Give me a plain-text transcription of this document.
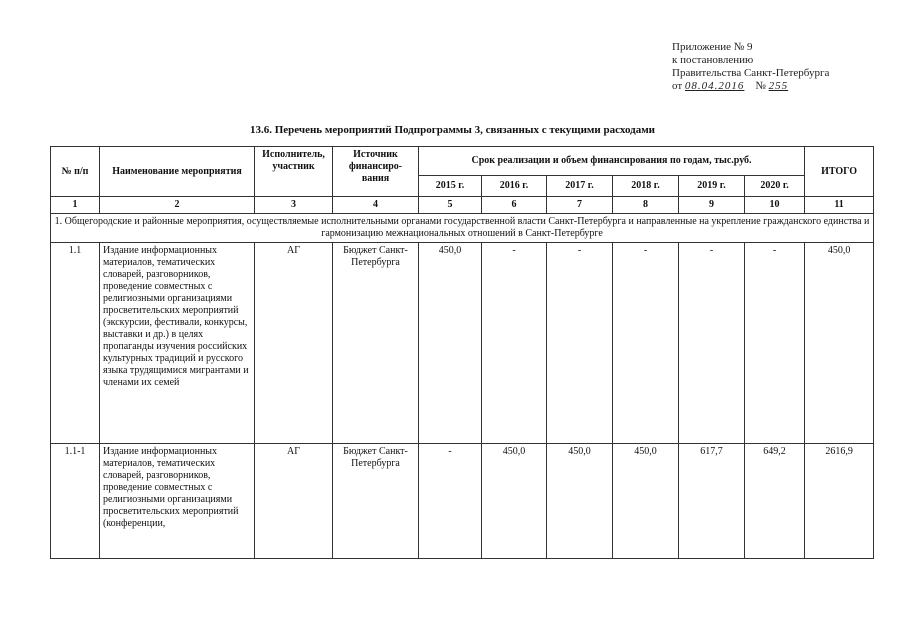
Приложение № 9
к постановлению
Правительства Санкт-Петербурга
от 08.04.2016 № 255
13.6. Перечень мероприятий Подпрограммы 3, связанных с текущими расходами
№ п/п	Наименование мероприятия	Исполнитель, участник	Источник финансиро-вания	Срок реализации и объем финансирования по годам, тыс.руб.						ИТОГО
				2015 г.	2016 г.	2017 г.	2018 г.	2019 г.	2020 г.	
1	2	3	4	5	6	7	8	9	10	11
1. Общегородские и районные мероприятия, осуществляемые исполнительными органами государственной власти Санкт-Петербурга и направленные на укрепление гражданского единства и гармонизацию межнациональных отношений в Санкт-Петербурге										
1.1	Издание информационных материалов, тематических словарей, разговорников, проведение совместных с религиозными организациями просветительских мероприятий (экскурсии, фестивали, конкурсы, выставки и др.) в целях пропаганды изучения российских культурных традиций и русского языка трудящимися мигрантами и членами их семей	АГ	Бюджет Санкт-Петербурга	450,0	-	-	-	-	-	450,0
1.1-1	Издание информационных материалов, тематических словарей, разговорников, проведение совместных с религиозными организациями просветительских мероприятий (конференции,	АГ	Бюджет Санкт-Петербурга	-	450,0	450,0	450,0	617,7	649,2	2616,9
